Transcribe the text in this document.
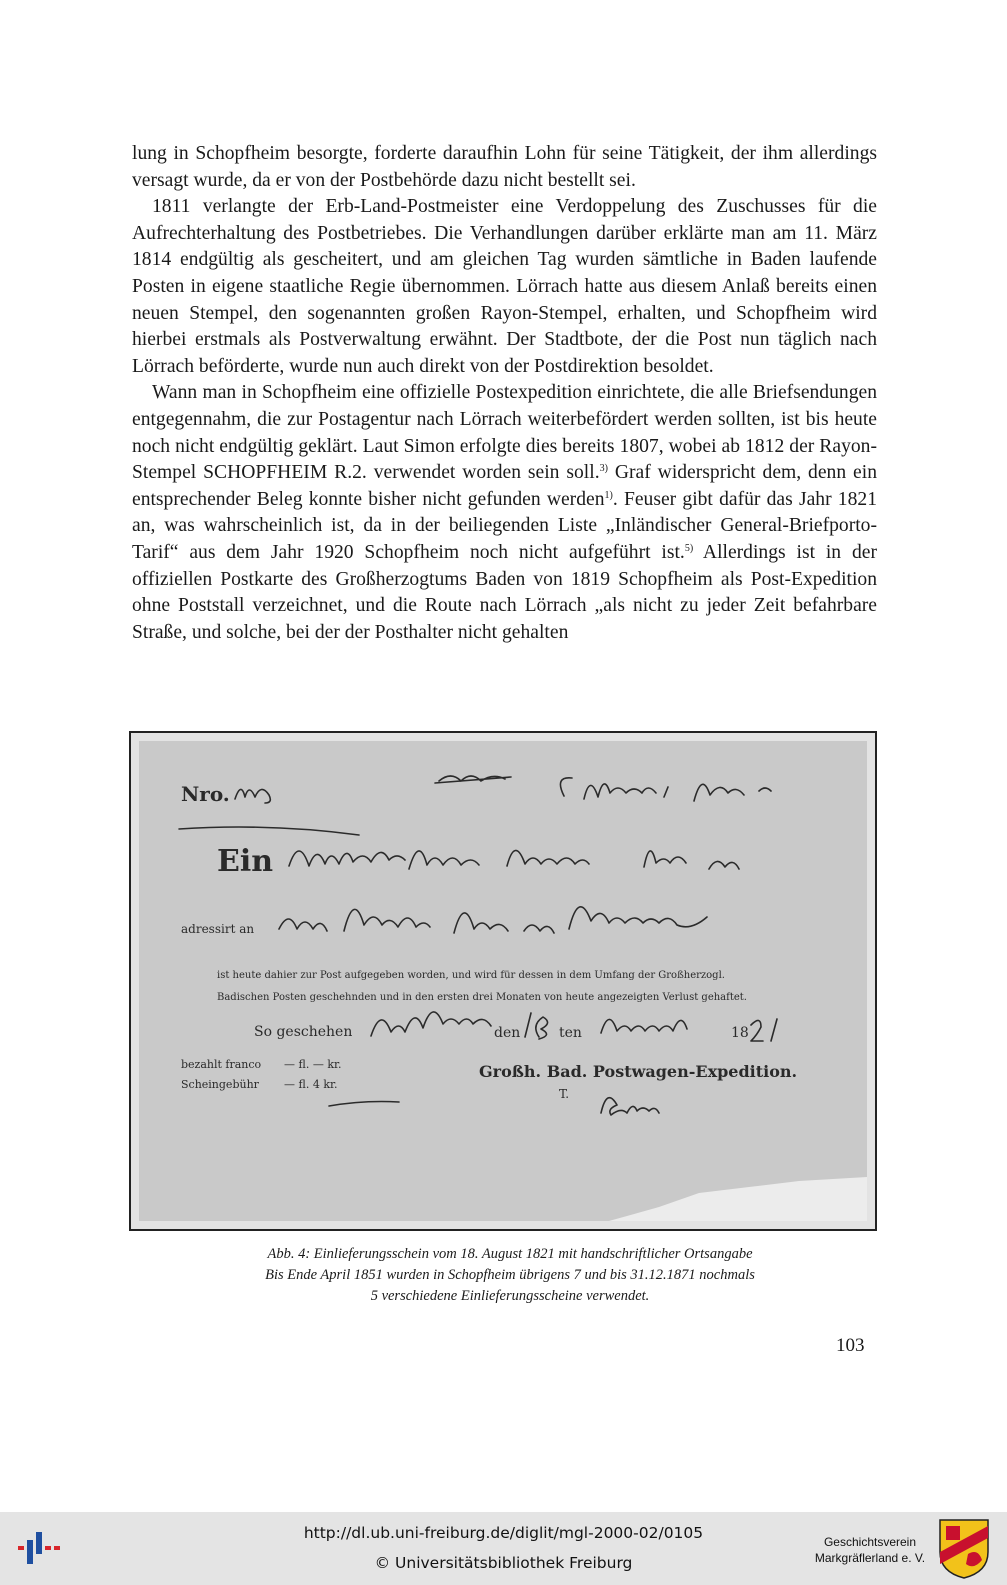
lung in Schopfheim besorgte, forderte daraufhin Lohn für seine Tätigkeit, der ihm allerdings versagt wurde, da er von der Postbehörde dazu nicht bestellt sei.

1811 verlangte der Erb-Land-Postmeister eine Verdoppelung des Zuschusses für die Aufrechterhaltung des Postbetriebes. Die Verhandlungen darüber erklärte man am 11. März 1814 endgültig als gescheitert, und am gleichen Tag wurden sämtliche in Baden laufende Posten in eigene staatliche Regie übernommen. Lörrach hatte aus diesem Anlaß bereits einen neuen Stempel, den sogenannten großen Rayon-Stempel, erhalten, und Schopfheim wird hierbei erstmals als Postverwaltung erwähnt. Der Stadtbote, der die Post nun täglich nach Lörrach beförderte, wurde nun auch direkt von der Postdirektion besoldet.

Wann man in Schopfheim eine offizielle Postexpedition einrichtete, die alle Briefsendungen entgegennahm, die zur Postagentur nach Lörrach weiterbefördert werden sollten, ist bis heute noch nicht endgültig geklärt. Laut Simon erfolgte dies bereits 1807, wobei ab 1812 der Rayon-Stempel SCHOPFHEIM R.2. verwendet worden sein soll.$^{3)}$ Graf widerspricht dem, denn ein entsprechender Beleg konnte bisher nicht gefunden werden$^{1)}$. Feuser gibt dafür das Jahr 1821 an, was wahrscheinlich ist, da in der beiliegenden Liste „Inländischer General-Briefporto-Tarif“ aus dem Jahr 1920 Schopfheim noch nicht aufgeführt ist.$^{5)}$ Allerdings ist in der offiziellen Postkarte des Großherzogtums Baden von 1819 Schopfheim als Post-Expedition ohne Poststall verzeichnet, und die Route nach Lörrach „als nicht zu jeder Zeit befahrbare Straße, und solche, bei der der Posthalter nicht gehalten

Nro.
Ein
adressirt an
ist heute dahier zur Post aufgegeben worden, und wird für dessen in dem Umfang der Großherzogl.
Badischen Posten geschehnden und in den ersten drei Monaten von heute angezeigten Verlust gehaftet.
So geschehen	den	ten	18
bezahlt franco — fl. — kr.
Scheingebühr — fl. 4 kr.
Großh. Bad. Postwagen-Expedition.
T.
Abb. 4: Einlieferungsschein vom 18. August 1821 mit handschriftlicher Ortsangabe
Bis Ende April 1851 wurden in Schopfheim übrigens 7 und bis 31.12.1871 nochmals
5 verschiedene Einlieferungsscheine verwendet.
103
http://dl.ub.uni-freiburg.de/diglit/mgl-2000-02/0105
© Universitätsbibliothek Freiburg
Geschichtsverein
Markgräflerland e. V.
